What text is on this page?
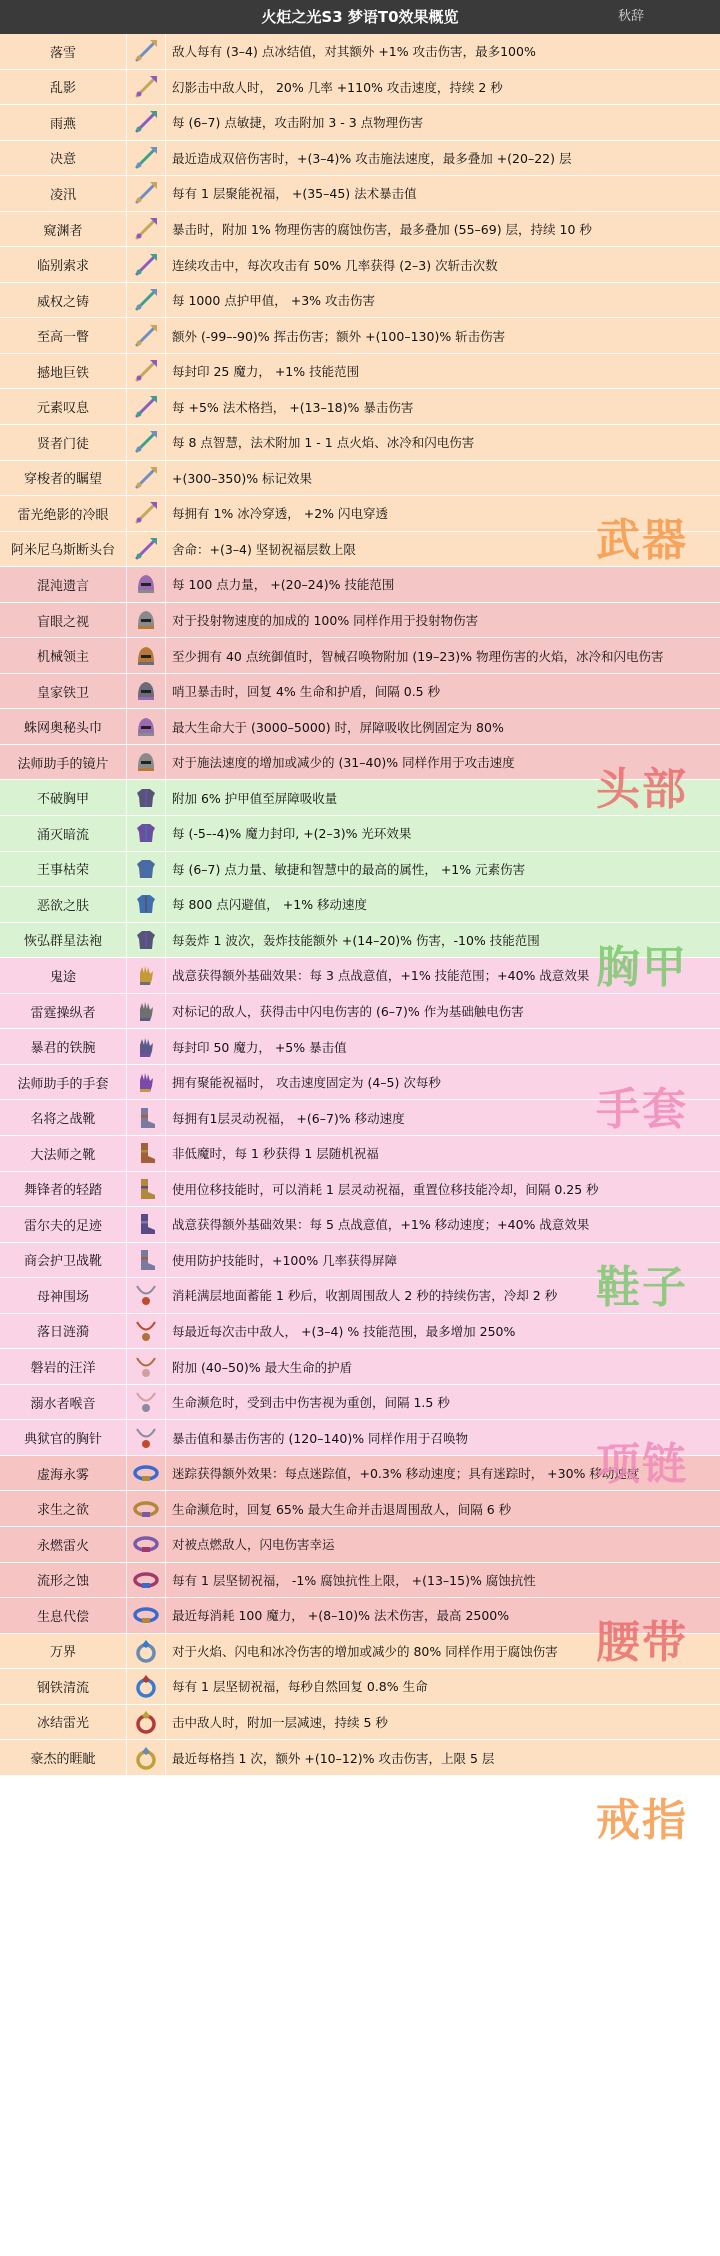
火炬之光S3 梦语T0效果概览	秋辞
落雪	敌人每有 (3–4) 点冰结值，对其额外 +1% 攻击伤害，最多100%
乱影	幻影击中敌人时， 20% 几率 +110% 攻击速度，持续 2 秒
雨燕	每 (6–7) 点敏捷，攻击附加 3 - 3 点物理伤害
决意	最近造成双倍伤害时，+(3–4)% 攻击施法速度，最多叠加 +(20–22) 层
凌汛	每有 1 层聚能祝福， +(35–45) 法术暴击值
窥渊者	暴击时，附加 1% 物理伤害的腐蚀伤害，最多叠加 (55–69) 层，持续 10 秒
临别索求	连续攻击中，每次攻击有 50% 几率获得 (2–3) 次斩击次数
威权之铸	每 1000 点护甲值， +3% 攻击伤害
至高一瞥	额外 (-99–-90)% 挥击伤害；额外 +(100–130)% 斩击伤害
撼地巨铁	每封印 25 魔力， +1% 技能范围
元素叹息	每 +5% 法术格挡， +(13–18)% 暴击伤害
贤者门徒	每 8 点智慧，法术附加 1 - 1 点火焰、冰冷和闪电伤害
穿梭者的瞩望	+(300–350)% 标记效果
雷光绝影的冷眼	每拥有 1% 冰冷穿透， +2% 闪电穿透
阿米尼乌斯断头台	舍命：+(3–4) 坚韧祝福层数上限
混沌遗言	每 100 点力量， +(20–24)% 技能范围
盲眼之视	对于投射物速度的加成的 100% 同样作用于投射物伤害
机械领主	至少拥有 40 点统御值时，智械召唤物附加 (19–23)% 物理伤害的火焰，冰冷和闪电伤害
皇家铁卫	哨卫暴击时，回复 4% 生命和护盾，间隔 0.5 秒
蛛网奥秘头巾	最大生命大于 (3000–5000) 时，屏障吸收比例固定为 80%
法师助手的镜片	对于施法速度的增加或减少的 (31–40)% 同样作用于攻击速度
不破胸甲	附加 6% 护甲值至屏障吸收量
涌灭暗流	每 (-5–-4)% 魔力封印, +(2–3)% 光环效果
王事枯荣	每 (6–7) 点力量、敏捷和智慧中的最高的属性， +1% 元素伤害
恶欲之肤	每 800 点闪避值， +1% 移动速度
恢弘群星法袍	每轰炸 1 波次，轰炸技能额外 +(14–20)% 伤害，-10% 技能范围
鬼途	战意获得额外基础效果：每 3 点战意值，+1% 技能范围；+40% 战意效果
雷霆操纵者	对标记的敌人，获得击中闪电伤害的 (6–7)% 作为基础触电伤害
暴君的铁腕	每封印 50 魔力， +5% 暴击值
法师助手的手套	拥有聚能祝福时， 攻击速度固定为 (4–5) 次每秒
名将之战靴	每拥有1层灵动祝福， +(6–7)% 移动速度
大法师之靴	非低魔时，每 1 秒获得 1 层随机祝福
舞锋者的轻踏	使用位移技能时，可以消耗 1 层灵动祝福，重置位移技能冷却，间隔 0.25 秒
雷尔夫的足迹	战意获得额外基础效果：每 5 点战意值，+1% 移动速度；+40% 战意效果
商会护卫战靴	使用防护技能时，+100% 几率获得屏障
母神围场	消耗满层地面蓄能 1 秒后，收割周围敌人 2 秒的持续伤害，冷却 2 秒
落日涟漪	每最近每次击中敌人， +(3–4) % 技能范围，最多增加 250%
磐岩的汪洋	附加 (40–50)% 最大生命的护盾
溺水者喉音	生命濒危时，受到击中伤害视为重创，间隔 1.5 秒
典狱官的胸针	暴击值和暴击伤害的 (120–140)% 同样作用于召唤物
虚海永雾	迷踪获得额外效果：每点迷踪值，+0.3% 移动速度；具有迷踪时， +30% 移动速度
求生之欲	生命濒危时，回复 65% 最大生命并击退周围敌人，间隔 6 秒
永燃雷火	对被点燃敌人，闪电伤害幸运
流形之蚀	每有 1 层坚韧祝福， -1% 腐蚀抗性上限， +(13–15)% 腐蚀抗性
生息代偿	最近每消耗 100 魔力， +(8–10)% 法术伤害，最高 2500%
万界	对于火焰、闪电和冰冷伤害的增加或减少的 80% 同样作用于腐蚀伤害
钢铁清流	每有 1 层坚韧祝福，每秒自然回复 0.8% 生命
冰结雷光	击中敌人时，附加一层减速，持续 5 秒
豪杰的睚眦	最近每格挡 1 次，额外 +(10–12)% 攻击伤害，上限 5 层
武器
头部
胸甲
手套
鞋子
项链
腰带
戒指
